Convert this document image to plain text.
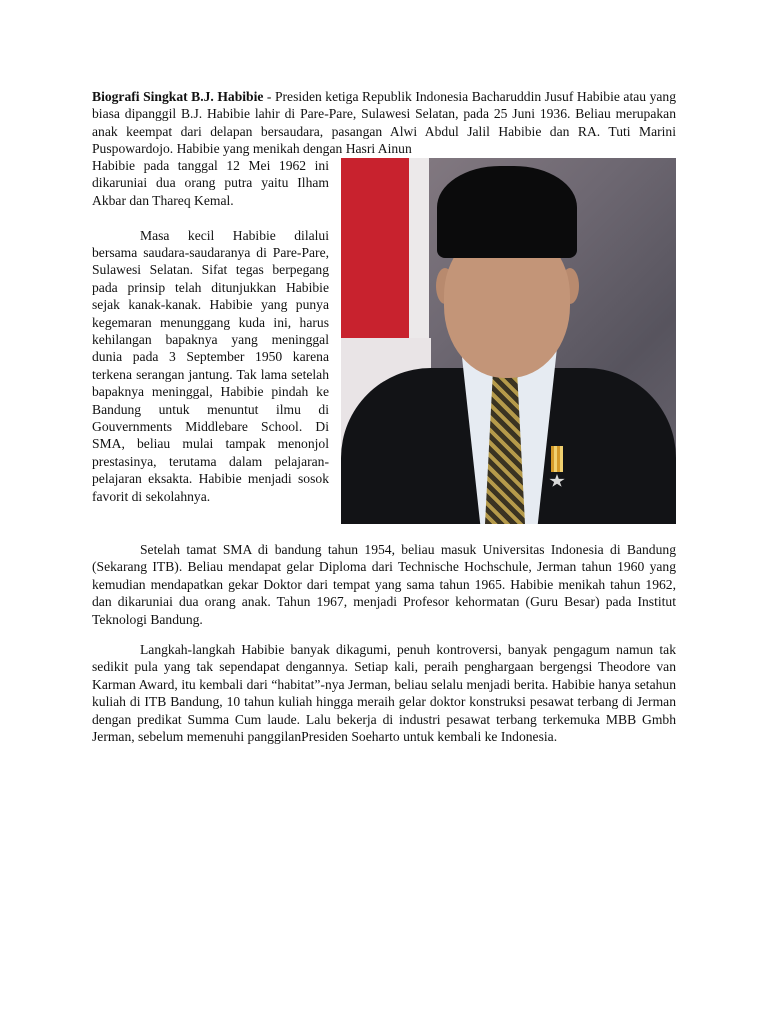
Biografi Singkat B.J. Habibie - Presiden ketiga Republik Indonesia Bacharuddin Jusuf Habibie atau yang biasa dipanggil B.J. Habibie lahir di Pare-Pare, Sulawesi Selatan, pada 25 Juni 1936. Beliau merupakan anak keempat dari delapan bersaudara, pasangan Alwi Abdul Jalil Habibie dan RA. Tuti Marini Puspowardojo. Habibie yang menikah dengan Hasri Ainun

Habibie pada tanggal 12 Mei 1962 ini dikaruniai dua orang putra yaitu Ilham Akbar dan Thareq Kemal.

Masa kecil Habibie dilalui bersama saudara-saudaranya di Pare-Pare, Sulawesi Selatan. Sifat tegas berpegang pada prinsip telah ditunjukkan Habibie sejak kanak-kanak. Habibie yang punya kegemaran menunggang kuda ini, harus kehilangan bapaknya yang meninggal dunia pada 3 September 1950 karena terkena serangan jantung. Tak lama setelah bapaknya meninggal, Habibie pindah ke Bandung untuk menuntut ilmu di Gouvernments Middlebare School. Di SMA, beliau mulai tampak menonjol prestasinya, terutama dalam pelajaran-pelajaran eksakta. Habibie menjadi sosok favorit di sekolahnya.

Setelah tamat SMA di bandung tahun 1954, beliau masuk Universitas Indonesia di Bandung (Sekarang ITB). Beliau mendapat gelar Diploma dari Technische Hochschule, Jerman tahun 1960 yang kemudian mendapatkan gekar Doktor dari tempat yang sama tahun 1965. Habibie menikah tahun 1962, dan dikaruniai dua orang anak. Tahun 1967, menjadi Profesor kehormatan (Guru Besar) pada Institut Teknologi Bandung.

Langkah-langkah Habibie banyak dikagumi, penuh kontroversi, banyak pengagum namun tak sedikit pula yang tak sependapat dengannya. Setiap kali, peraih penghargaan bergengsi Theodore van Karman Award, itu kembali dari “habitat”-nya Jerman, beliau selalu menjadi berita. Habibie hanya setahun kuliah di ITB Bandung, 10 tahun kuliah hingga meraih gelar doktor konstruksi pesawat terbang di Jerman dengan predikat Summa Cum laude. Lalu bekerja di industri pesawat terbang terkemuka MBB Gmbh Jerman, sebelum memenuhi panggilanPresiden Soeharto untuk kembali ke Indonesia.
